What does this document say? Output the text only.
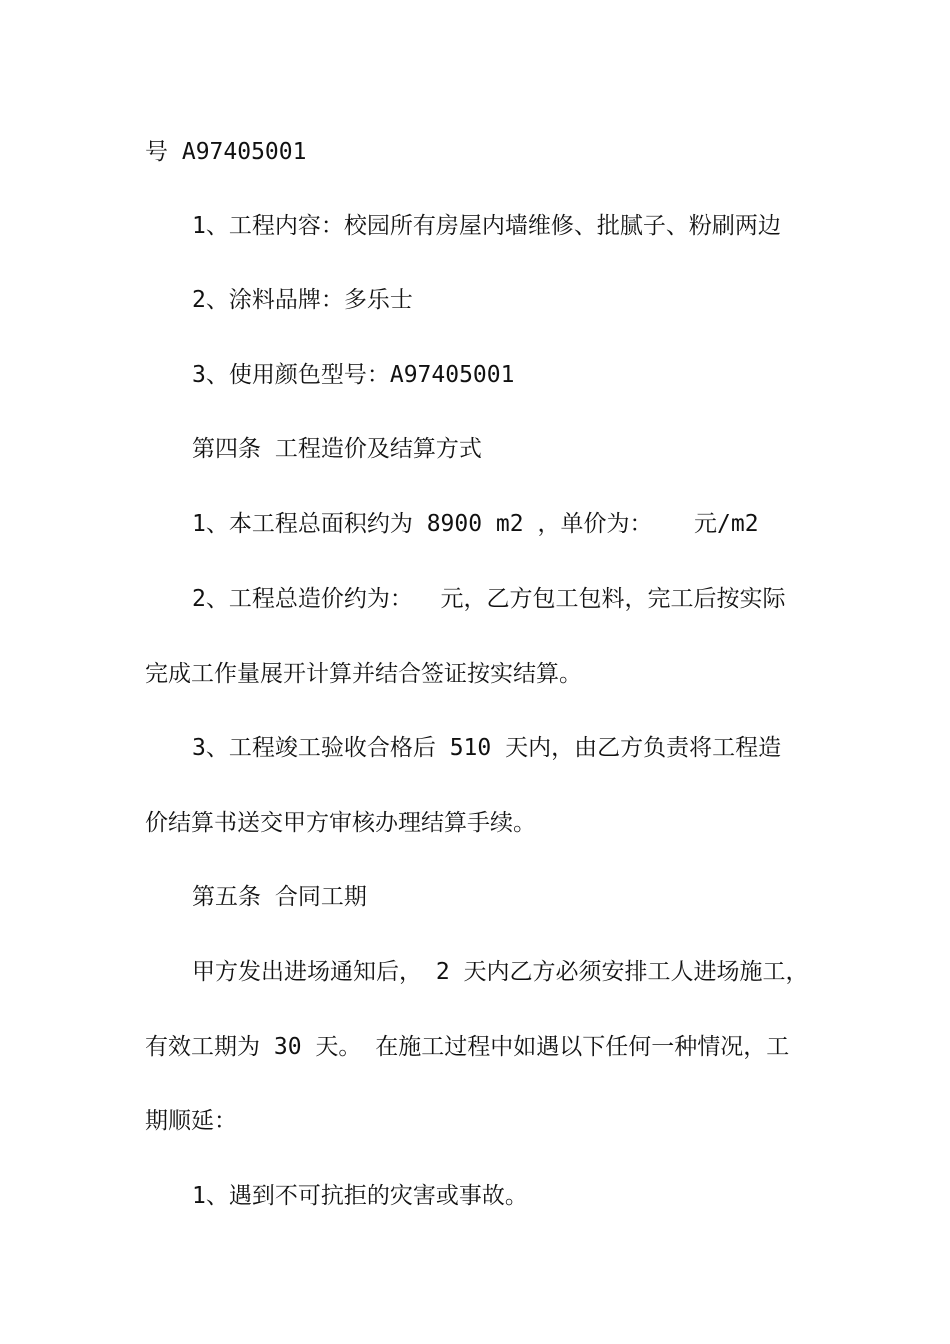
号 A97405001
1、工程内容：校园所有房屋内墙维修、批腻子、粉刷两边
2、涂料品牌：多乐士
3、使用颜色型号：A97405001
第四条 工程造价及结算方式
1、本工程总面积约为 8900 m2 ，单价为：   元/m2
2、工程总造价约为：  元，乙方包工包料，完工后按实际
完成工作量展开计算并结合签证按实结算。
3、工程竣工验收合格后 510 天内，由乙方负责将工程造
价结算书送交甲方审核办理结算手续。
第五条 合同工期
甲方发出进场通知后， 2 天内乙方必须安排工人进场施工，
有效工期为 30 天。 在施工过程中如遇以下任何一种情况，工
期顺延：
1、遇到不可抗拒的灾害或事故。
